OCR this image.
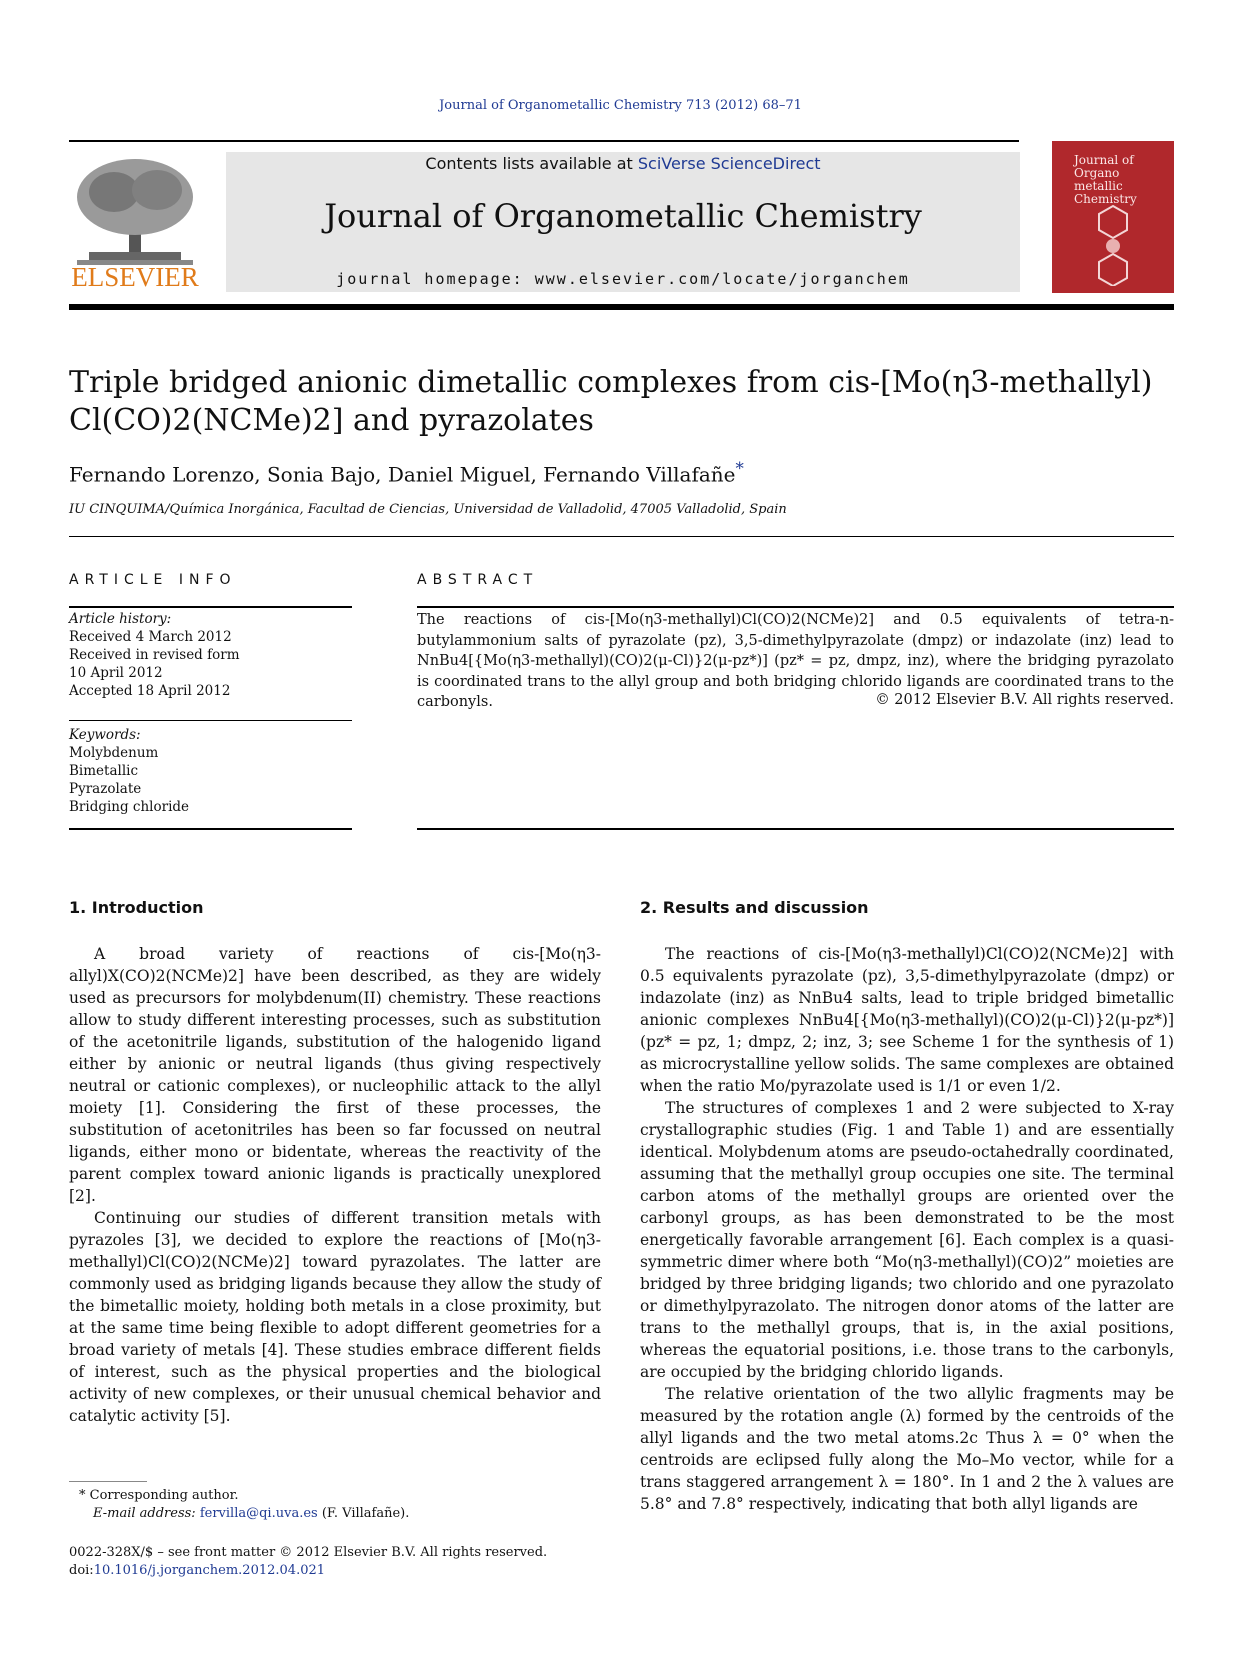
Journal of Organometallic Chemistry 713 (2012) 68–71
ELSEVIER
Contents lists available at SciVerse ScienceDirect
Journal of Organometallic Chemistry
journal homepage: www.elsevier.com/locate/jorganchem
Journal of Organo metallic Chemistry
Triple bridged anionic dimetallic complexes from cis-[Mo(η3-methallyl)
Cl(CO)2(NCMe)2] and pyrazolates
Fernando Lorenzo, Sonia Bajo, Daniel Miguel, Fernando Villafañe*
IU CINQUIMA/Química Inorgánica, Facultad de Ciencias, Universidad de Valladolid, 47005 Valladolid, Spain
ARTICLE INFO
Article history:
Received 4 March 2012
Received in revised form
10 April 2012
Accepted 18 April 2012
Keywords:
Molybdenum
Bimetallic
Pyrazolate
Bridging chloride
ABSTRACT
The reactions of cis-[Mo(η3-methallyl)Cl(CO)2(NCMe)2] and 0.5 equivalents of tetra-n-butylammonium salts of pyrazolate (pz), 3,5-dimethylpyrazolate (dmpz) or indazolate (inz) lead to NnBu4[{Mo(η3-methallyl)(CO)2(μ-Cl)}2(μ-pz*)] (pz* = pz, dmpz, inz), where the bridging pyrazolato is coordinated trans to the allyl group and both bridging chlorido ligands are coordinated trans to the carbonyls.	© 2012 Elsevier B.V. All rights reserved.
1. Introduction

A broad variety of reactions of cis-[Mo(η3-allyl)X(CO)2(NCMe)2] have been described, as they are widely used as precursors for molybdenum(II) chemistry. These reactions allow to study different interesting processes, such as substitution of the acetonitrile ligands, substitution of the halogenido ligand either by anionic or neutral ligands (thus giving respectively neutral or cationic complexes), or nucleophilic attack to the allyl moiety [1]. Considering the first of these processes, the substitution of acetonitriles has been so far focussed on neutral ligands, either mono or bidentate, whereas the reactivity of the parent complex toward anionic ligands is practically unexplored [2].

Continuing our studies of different transition metals with pyrazoles [3], we decided to explore the reactions of [Mo(η3-methallyl)Cl(CO)2(NCMe)2] toward pyrazolates. The latter are commonly used as bridging ligands because they allow the study of the bimetallic moiety, holding both metals in a close proximity, but at the same time being flexible to adopt different geometries for a broad variety of metals [4]. These studies embrace different fields of interest, such as the physical properties and the biological activity of new complexes, or their unusual chemical behavior and catalytic activity [5].

2. Results and discussion

The reactions of cis-[Mo(η3-methallyl)Cl(CO)2(NCMe)2] with 0.5 equivalents pyrazolate (pz), 3,5-dimethylpyrazolate (dmpz) or indazolate (inz) as NnBu4 salts, lead to triple bridged bimetallic anionic complexes NnBu4[{Mo(η3-methallyl)(CO)2(μ-Cl)}2(μ-pz*)] (pz* = pz, 1; dmpz, 2; inz, 3; see Scheme 1 for the synthesis of 1) as microcrystalline yellow solids. The same complexes are obtained when the ratio Mo/pyrazolate used is 1/1 or even 1/2.

The structures of complexes 1 and 2 were subjected to X-ray crystallographic studies (Fig. 1 and Table 1) and are essentially identical. Molybdenum atoms are pseudo-octahedrally coordinated, assuming that the methallyl group occupies one site. The terminal carbon atoms of the methallyl groups are oriented over the carbonyl groups, as has been demonstrated to be the most energetically favorable arrangement [6]. Each complex is a quasi-symmetric dimer where both “Mo(η3-methallyl)(CO)2” moieties are bridged by three bridging ligands; two chlorido and one pyrazolato or dimethylpyrazolato. The nitrogen donor atoms of the latter are trans to the methallyl groups, that is, in the axial positions, whereas the equatorial positions, i.e. those trans to the carbonyls, are occupied by the bridging chlorido ligands.

The relative orientation of the two allylic fragments may be measured by the rotation angle (λ) formed by the centroids of the allyl ligands and the two metal atoms.2c Thus λ = 0° when the centroids are eclipsed fully along the Mo–Mo vector, while for a trans staggered arrangement λ = 180°. In 1 and 2 the λ values are 5.8° and 7.8° respectively, indicating that both allyl ligands are

* Corresponding author.
E-mail address: fervilla@qi.uva.es (F. Villafañe).
0022-328X/$ – see front matter © 2012 Elsevier B.V. All rights reserved.
doi:10.1016/j.jorganchem.2012.04.021
